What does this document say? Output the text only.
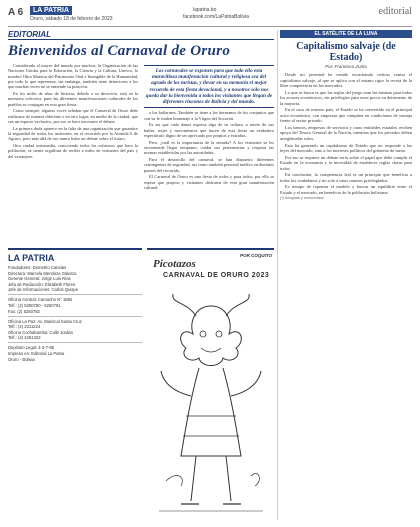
A 6	LA PATRIA
Oruro, sábado 18 de febrero de 2023
lapatria.bo
facebook.com/LaPatriaBolivia	editorial
EDITORIAL
Bienvenidos al Carnaval de Oruro

Considerado el mayor del mundo por muchos, la Organización de las Naciones Unidas para la Educación, la Ciencia y la Cultura, Unesco, lo nombró Obra Maestra del Patrimonio Oral e Intangible de la Humanidad, por todo lo que representa, sin embargo, también tiene detractores a los que muchas veces no se entiende su posición.

En los miles de años de historia, debido a su devoción, está en la memoria colectiva, pues las diferentes manifestaciones culturales de los pueblos se conjugan en esta gran fiesta.

Como siempre, algunas voces señalan que el Carnaval de Oruro debe realizarse de manera diferente o en otro lugar; en medio de la ciudad, que sea un espacio exclusivo, por eso se hace necesario el debate.

La primera duda aparece en la falta de una organización que garantice la seguridad de todos los asistentes, en el recorrido por la Avenida 6 de Agosto, pero más allá de eso nunca hubo un debate sobre el futuro.

Otra ciudad intermedia, conociendo todos los esfuerzos que hace la población, se siente orgullosa de recibir a miles de visitantes del país y del extranjero.

Los carnavales se exponen para que todo ello esta maravillosa manifestación cultural y religiosa sea del agrado de los turistas, y llevar en su memoria el mejor recuerdo de esta fiesta devocional, y a nosotros sólo nos queda dar la bienvenida a todos los visitantes que llegan de diferentes rincones de Bolivia y del mundo.

a los bailarines. También se tiene a los hermanos de los conjuntos que con su fe rinden homenaje a la Virgen del Socavón.

Es así que cada danza expresa algo de su cultura, a través de sus bailes, trajes y movimientos que hacen de esta fiesta un verdadero espectáculo digno de ser apreciado por propios y extraños.

Pero, ¿cuál es la importancia de la entrada? A los visitantes se les recomienda llegar temprano, cuidar sus pertenencias y respetar las normas establecidas por las autoridades.

Para el desarrollo del carnaval, se han dispuesto diferentes contingentes de seguridad, así como también personal médico en distintos puntos del recorrido.

El Carnaval de Oruro es una fiesta de todos y para todos, por ello se espera que propios y visitantes disfruten de esta gran manifestación cultural.

LA PATRIA
Fundadores: Demetrio Canelas
Directora: Marcela Mendoza Galarza
Gerente General: Jorge Luis Ríos
Jefa de Redacción: Elizabeth Flores
Jefe de Informaciones: Carlos Quispe
Oficina Central: Camacho N° 1892
Telf.: (2) 5250780 - 5250781
Fax: (2) 5250782
Oficina La Paz: Av. Mariscal Santa Cruz
Telf.: (2) 2311224
Oficina Cochabamba: Calle Jordán
Telf.: (4) 4251322
Depósito Legal: 4-3-7-95
Impreso en: Editorial La Patria
Oruro - Bolivia
POR COQUITO
Picotazos
CARNAVAL DE ORURO 2023
EL SATÉLITE DE LA LUNA
Capitalismo salvaje (de Estado)
Por: Francisco Zurita

Desde mi juventud he venido escuchando críticas contra el capitalismo salvaje, al que se aplica con el mismo rigor la receta de la libre competencia en los mercados.

Lo que se busca es que las reglas del juego sean las mismas para todos los actores económicos, sin privilegios para unos pocos en detrimento de la mayoría.

En el caso de nuestro país, el Estado se ha convertido en el principal actor económico, con empresas que compiten en condiciones de ventaja frente al sector privado.

Los bancos, empresas de servicios y otras entidades estatales reciben apoyo del Tesoro General de la Nación, mientras que los privados deben arreglárselas solos.

Esto ha generado un capitalismo de Estado que no responde a las leyes del mercado, sino a los intereses políticos del gobierno de turno.

Por eso se requiere un debate serio sobre el papel que debe cumplir el Estado en la economía y la necesidad de establecer reglas claras para todos.

En conclusión, la competencia leal es un principio que beneficia a todos los ciudadanos y no solo a unos cuantos privilegiados.

Es tiempo de repensar el modelo y buscar un equilibrio entre el Estado y el mercado, en beneficio de la población boliviana.

(*) Abogado y economista
